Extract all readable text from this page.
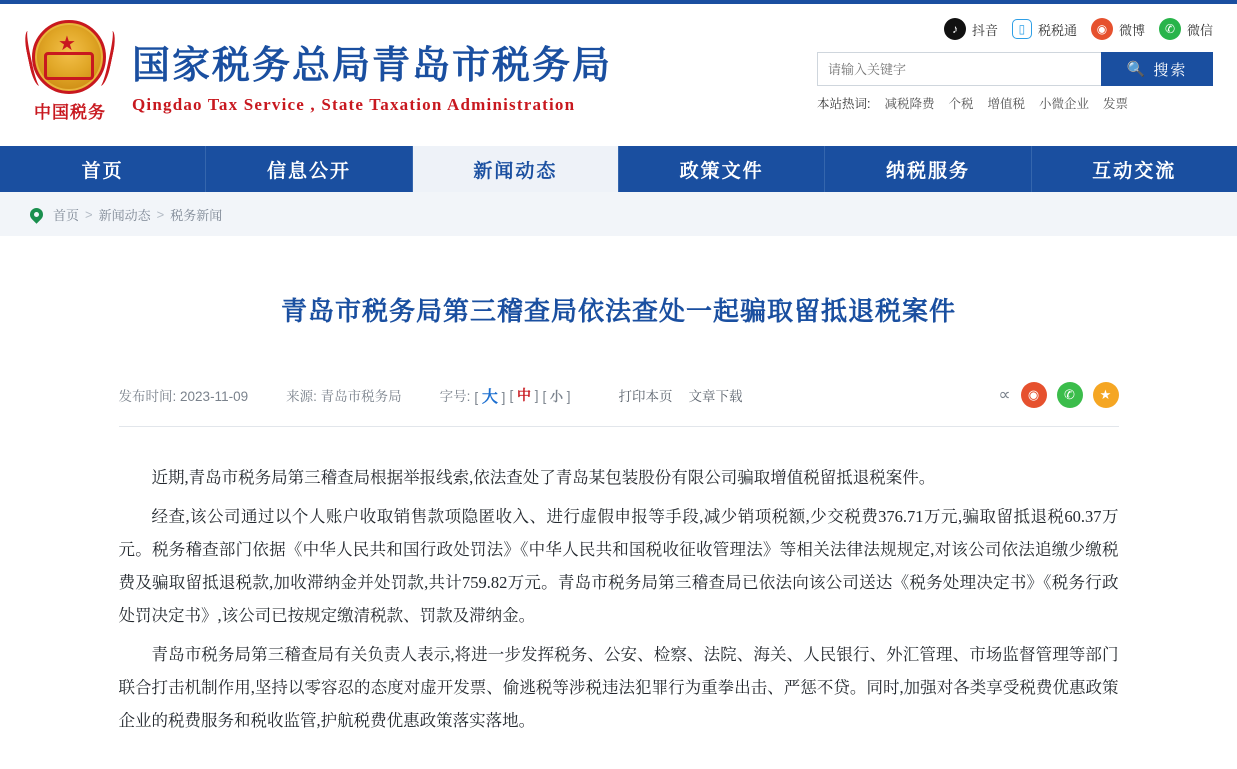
★
中国税务
国家税务总局青岛市税务局
Qingdao Tax Service , State Taxation Administration
♪	抖音	▯ 税税通	◉ 微博	✆ 微信
请输入关键字
🔍 搜索
本站热词: 减税降费 个税 增值税 小微企业 发票
首页	信息公开	新闻动态	政策文件	纳税服务	互动交流
首页 > 新闻动态 > 税务新闻
青岛市税务局第三稽查局依法查处一起骗取留抵退税案件
发布时间: 2023-11-09	来源: 青岛市税务局	字号: [ 大 ] [ 中 ] [ 小 ]	打印本页 文章下载	∝	◉	✆	★

近期,青岛市税务局第三稽查局根据举报线索,依法查处了青岛某包装股份有限公司骗取增值税留抵退税案件。

经查,该公司通过以个人账户收取销售款项隐匿收入、进行虚假申报等手段,减少销项税额,少交税费376.71万元,骗取留抵退税60.37万元。税务稽查部门依据《中华人民共和国行政处罚法》《中华人民共和国税收征收管理法》等相关法律法规规定,对该公司依法追缴少缴税费及骗取留抵退税款,加收滞纳金并处罚款,共计759.82万元。青岛市税务局第三稽查局已依法向该公司送达《税务处理决定书》《税务行政处罚决定书》,该公司已按规定缴清税款、罚款及滞纳金。

青岛市税务局第三稽查局有关负责人表示,将进一步发挥税务、公安、检察、法院、海关、人民银行、外汇管理、市场监督管理等部门联合打击机制作用,坚持以零容忍的态度对虚开发票、偷逃税等涉税违法犯罪行为重拳出击、严惩不贷。同时,加强对各类享受税费优惠政策企业的税费服务和税收监管,护航税费优惠政策落实落地。
